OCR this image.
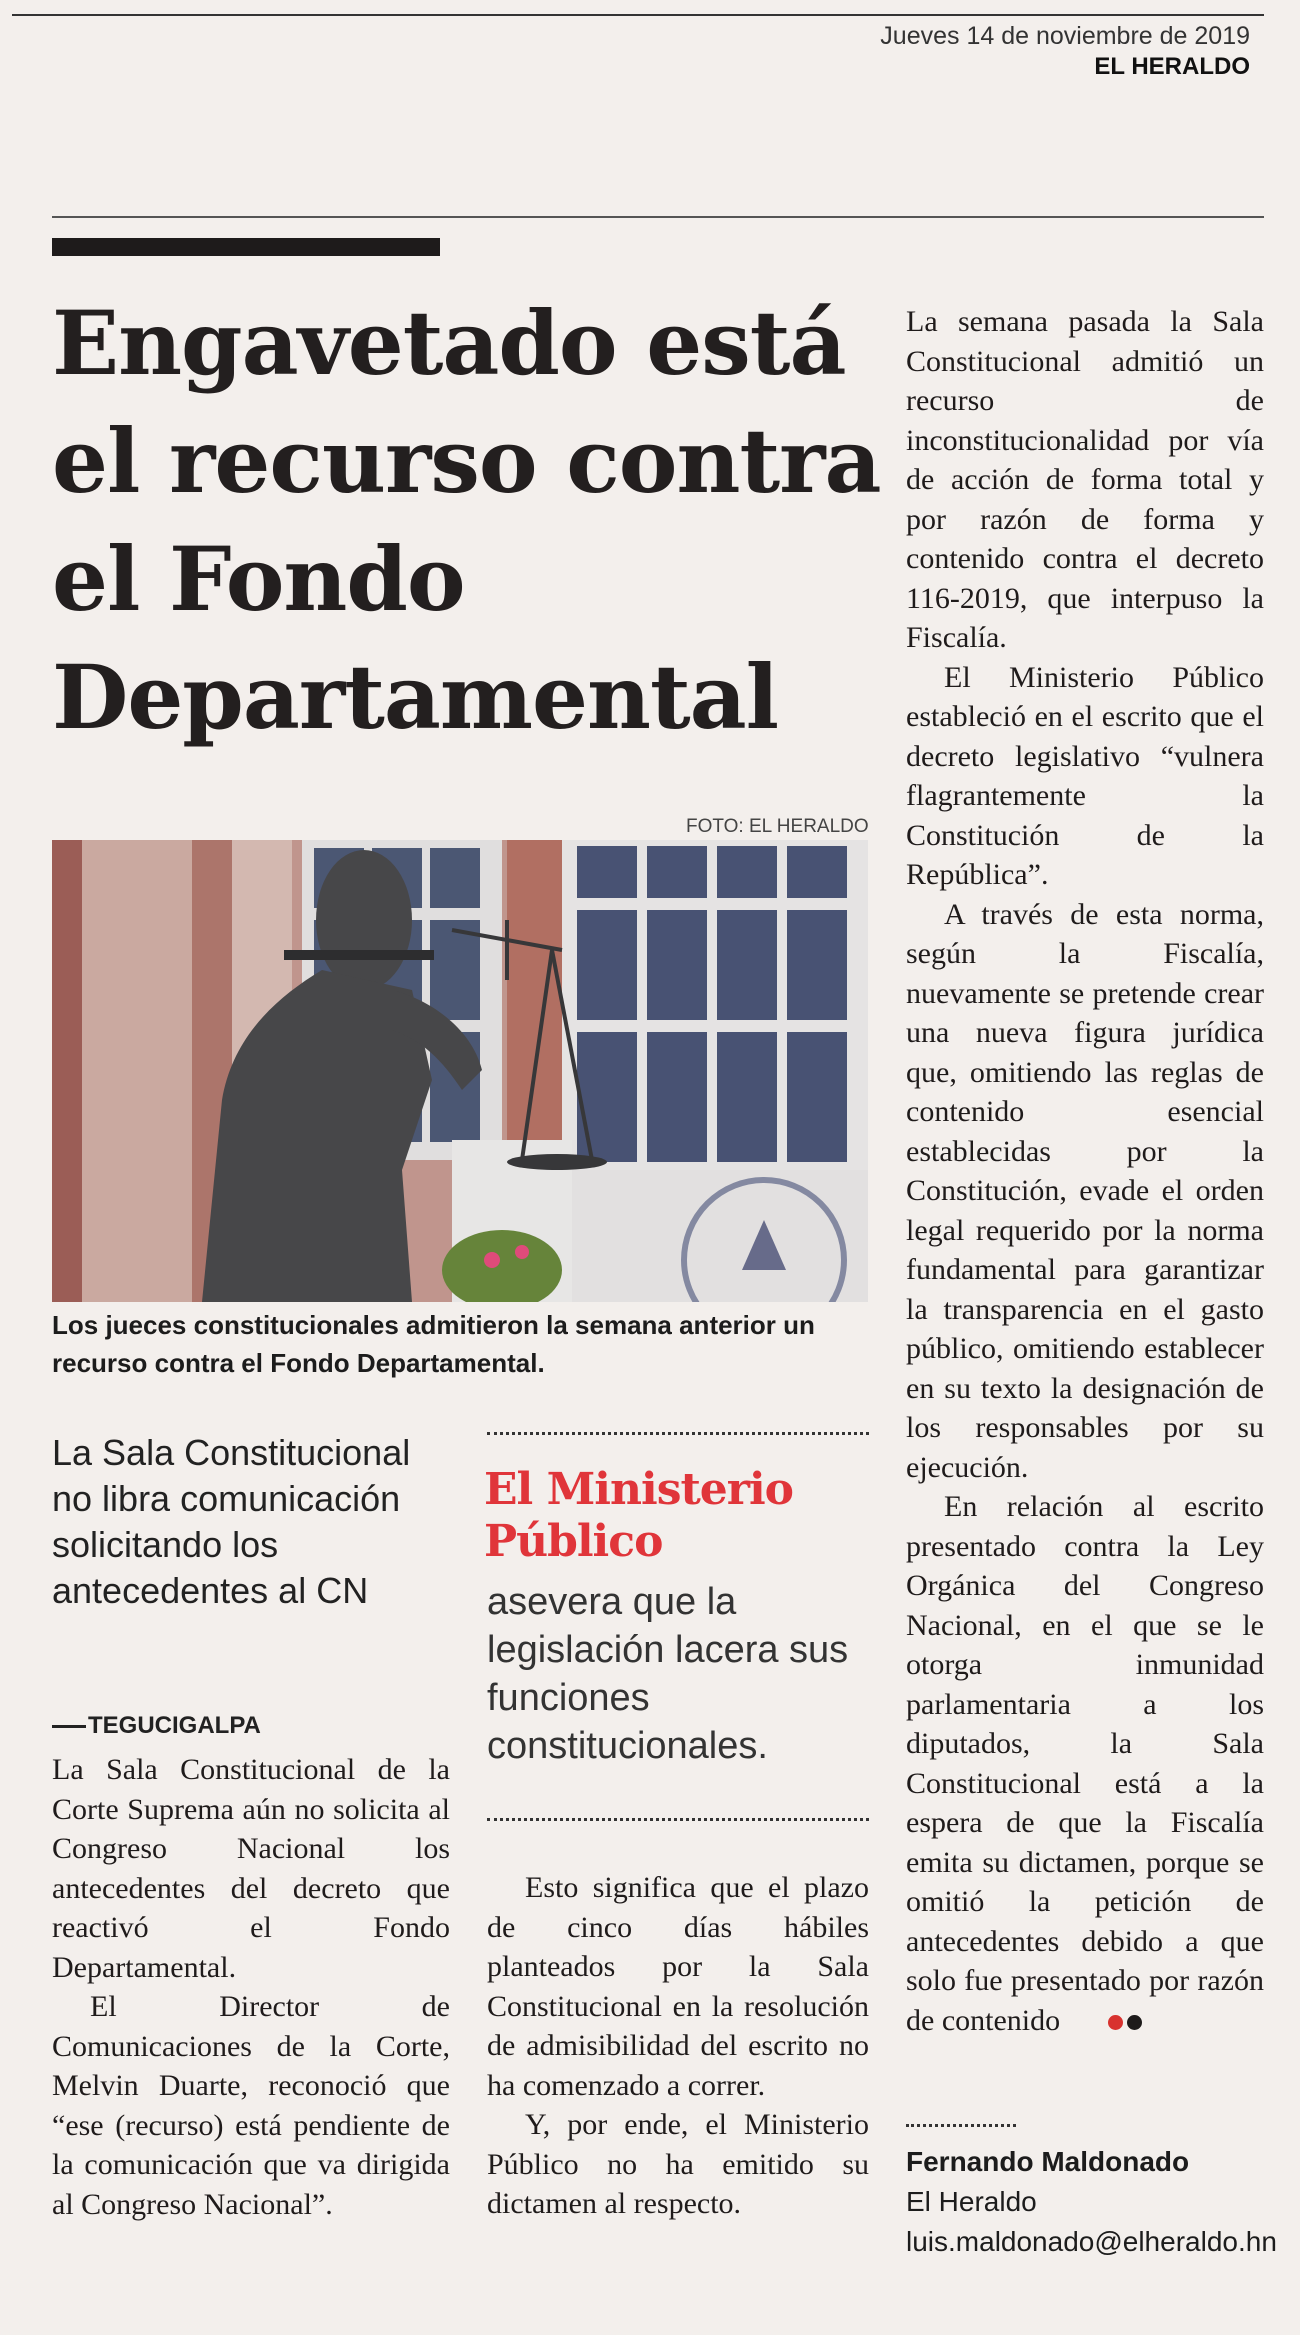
Jueves 14 de noviembre de 2019
EL HERALDO
Engavetado está el recurso contra el Fondo Departamental
FOTO: EL HERALDO

Los jueces constitucionales admitieron la semana anterior un recurso contra el Fondo Departamental.

La Sala Constitucional no libra comunicación solicitando los antecedentes al CN

TEGUCIGALPA

La Sala Constitucional de la Corte Suprema aún no solicita al Congreso Nacional los antecedentes del decreto que reactivó el Fondo Departamental.

El Director de Comunicaciones de la Corte, Melvin Duarte, reconoció que “ese (recurso) está pendiente de la comunicación que va dirigida al Congreso Nacional”.

El Ministerio Público

asevera que la legislación lacera sus funciones constitucionales.

Esto significa que el plazo de cinco días hábiles planteados por la Sala Constitucional en la resolución de admisibilidad del escrito no ha comenzado a correr.

Y, por ende, el Ministerio Público no ha emitido su dictamen al respecto.

La semana pasada la Sala Constitucional admitió un recurso de inconstitucionalidad por vía de acción de forma total y por razón de forma y contenido contra el decreto 116-2019, que interpuso la Fiscalía.

El Ministerio Público estableció en el escrito que el decreto legislativo “vulnera flagrantemente la Constitución de la República”.

A través de esta norma, según la Fiscalía, nuevamente se pretende crear una nueva figura jurídica que, omitiendo las reglas de contenido esencial establecidas por la Constitución, evade el orden legal requerido por la norma fundamental para garantizar la transparencia en el gasto público, omitiendo establecer en su texto la designación de los responsables por su ejecución.

En relación al escrito presentado contra la Ley Orgánica del Congreso Nacional, en el que se le otorga inmunidad parlamentaria a los diputados, la Sala Constitucional está a la espera de que la Fiscalía emita su dictamen, porque se omitió la petición de antecedentes debido a que solo fue presentado por razón de contenido

Fernando Maldonado
El Heraldo
luis.maldonado@elheraldo.hn
